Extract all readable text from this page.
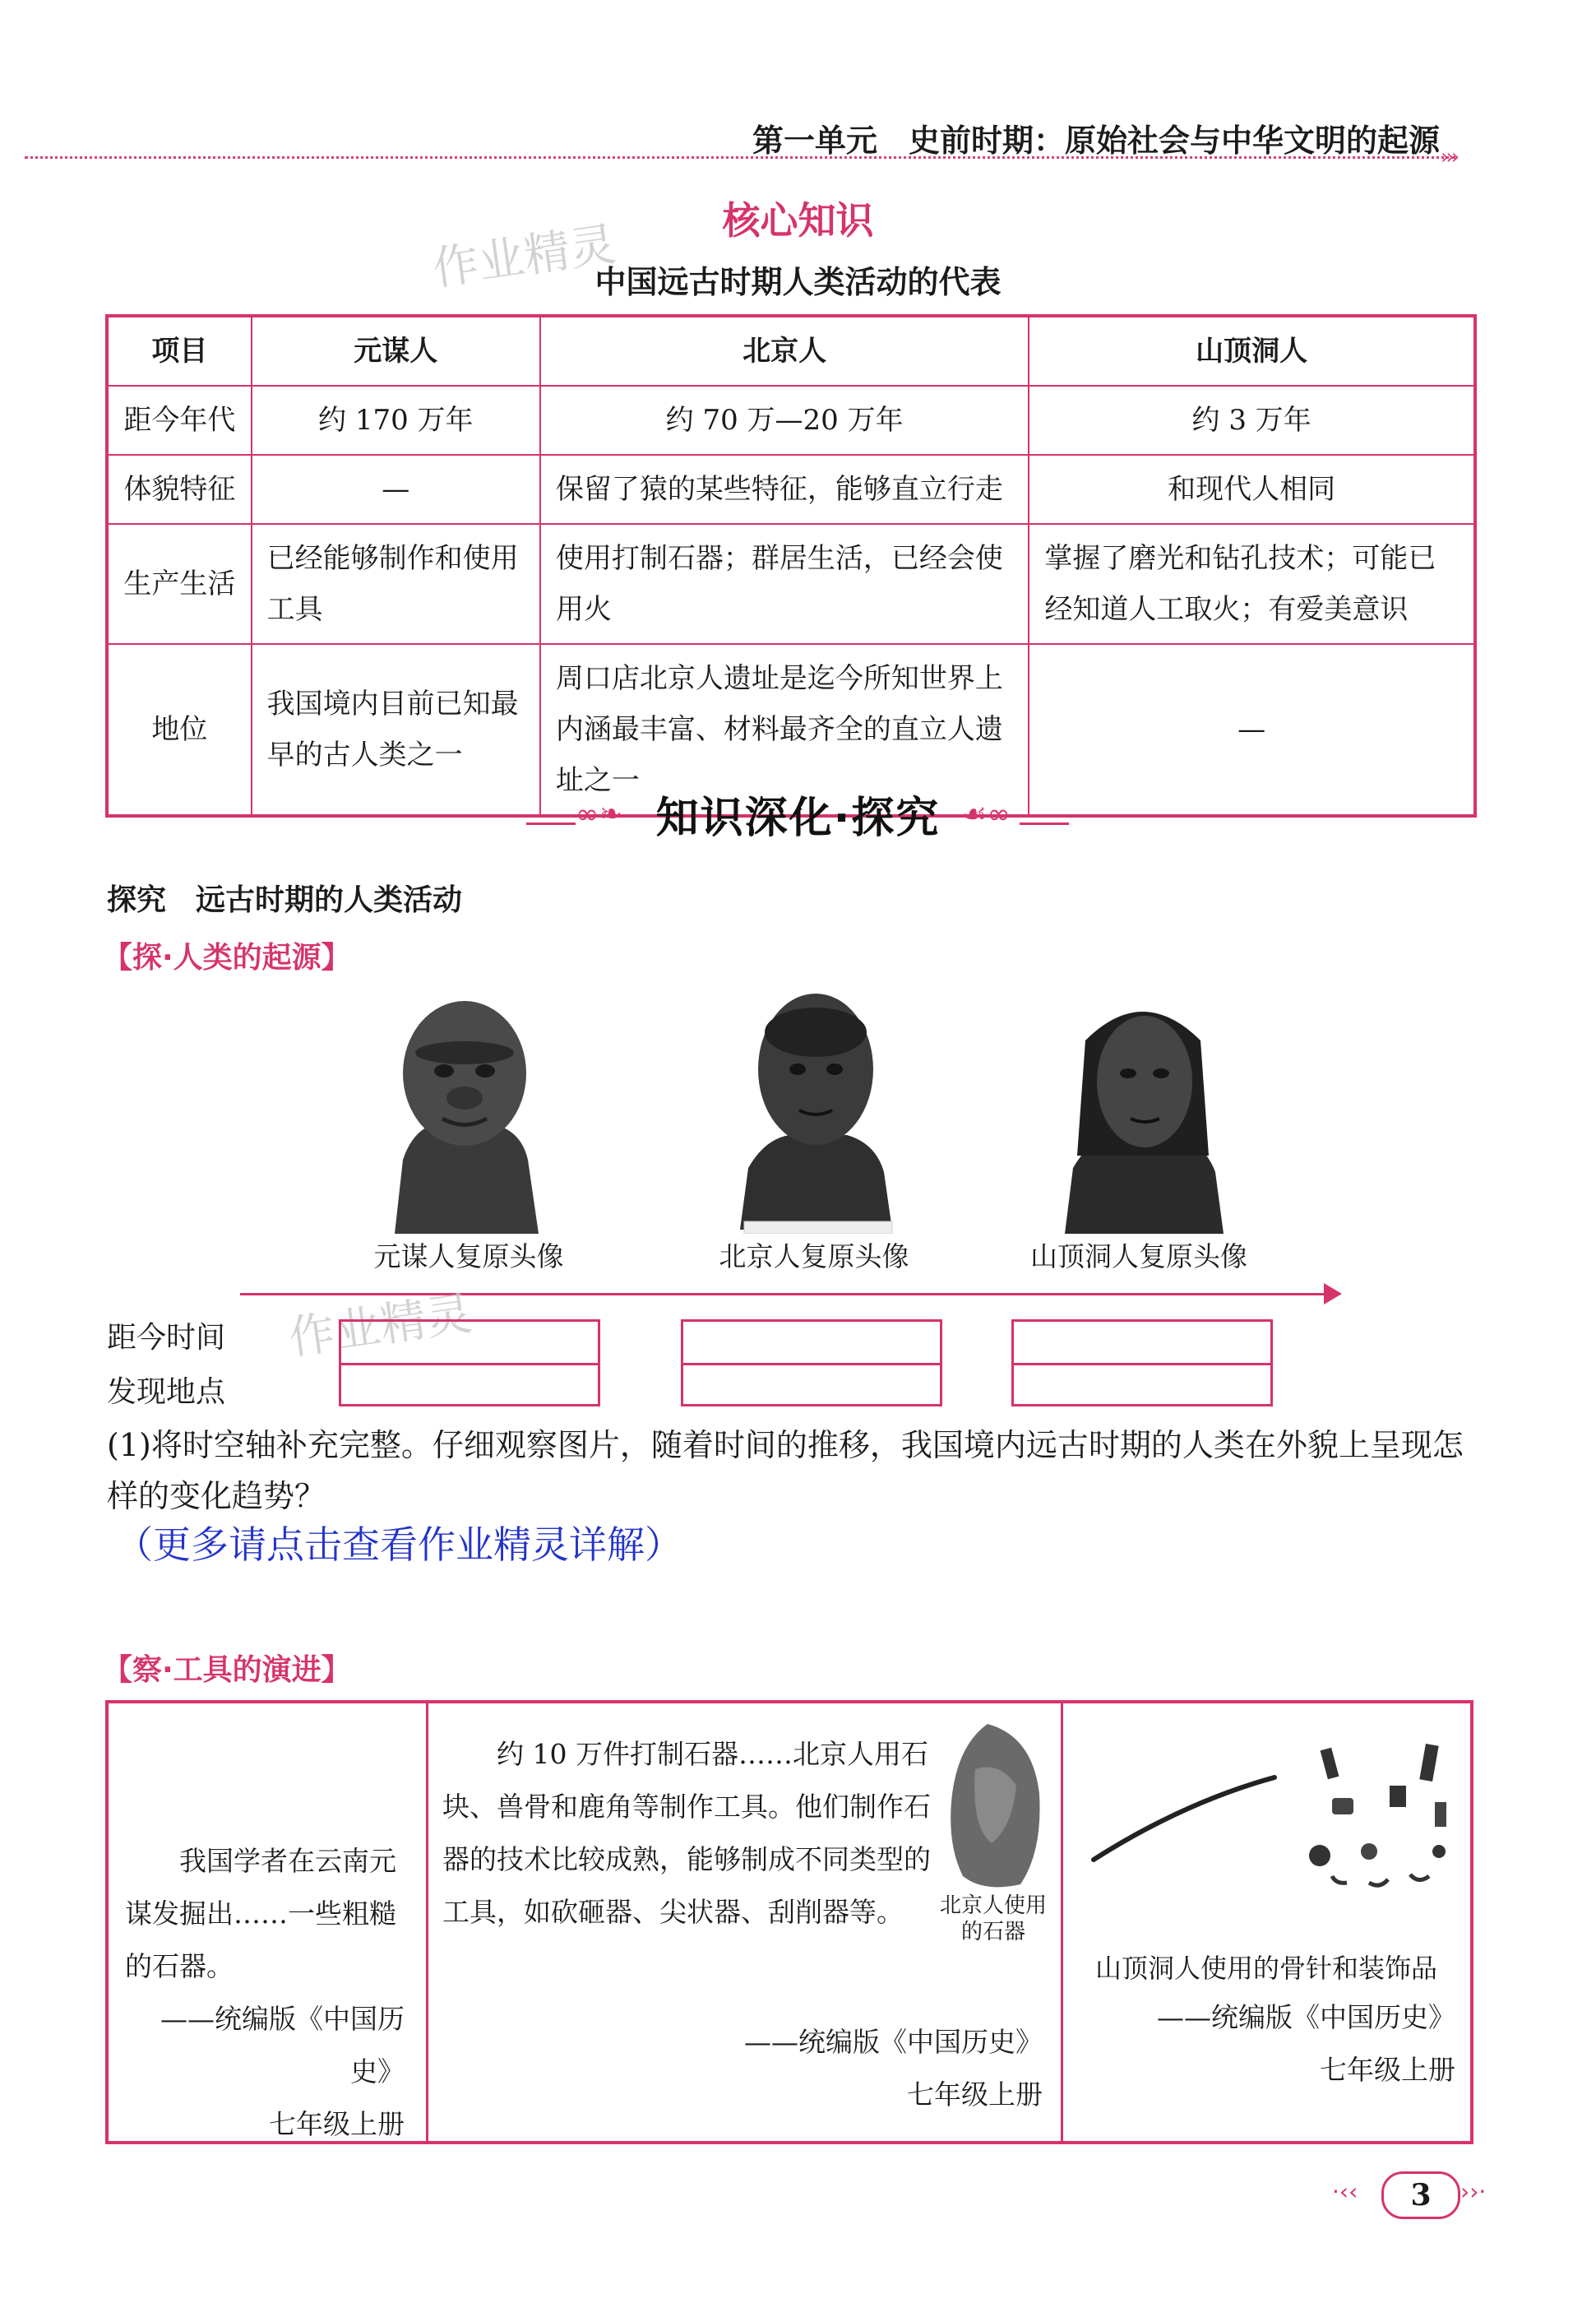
第一单元　史前时期：原始社会与中华文明的起源 ›››
核心知识
作业精灵
中国远古时期人类活动的代表
项目	元谋人	北京人	山顶洞人
距今年代	约 170 万年	约 70 万—20 万年	约 3 万年
体貌特征	—	保留了猿的某些特征，能够直立行走	和现代人相同
生产生活	已经能够制作和使用工具	使用打制石器；群居生活，已经会使用火	掌握了磨光和钻孔技术；可能已经知道人工取火；有爱美意识
地位	我国境内目前已知最早的古人类之一	周口店北京人遗址是迄今所知世界上内涵最丰富、材料最齐全的直立人遗址之一	—
∞❧	☙∞
知识深化·探究
探究　远古时期的人类活动
【探·人类的起源】
元谋人复原头像	北京人复原头像	山顶洞人复原头像
作业精灵
距今时间
发现地点
(1)将时空轴补充完整。仔细观察图片，随着时间的推移，我国境内远古时期的人类在外貌上呈现怎样的变化趋势？
（更多请点击查看作业精灵详解）
【察·工具的演进】

我国学者在云南元谋发掘出……一些粗糙的石器。

——统编版《中国历史》
七年级上册

约 10 万件打制石器……北京人用石块、兽骨和鹿角等制作工具。他们制作石器的技术比较成熟，能够制成不同类型的工具，如砍砸器、尖状器、刮削器等。	北京人使用的石器
——统编版《中国历史》
七年级上册
山顶洞人使用的骨针和装饰品
——统编版《中国历史》
七年级上册
·‹‹	3	››·
